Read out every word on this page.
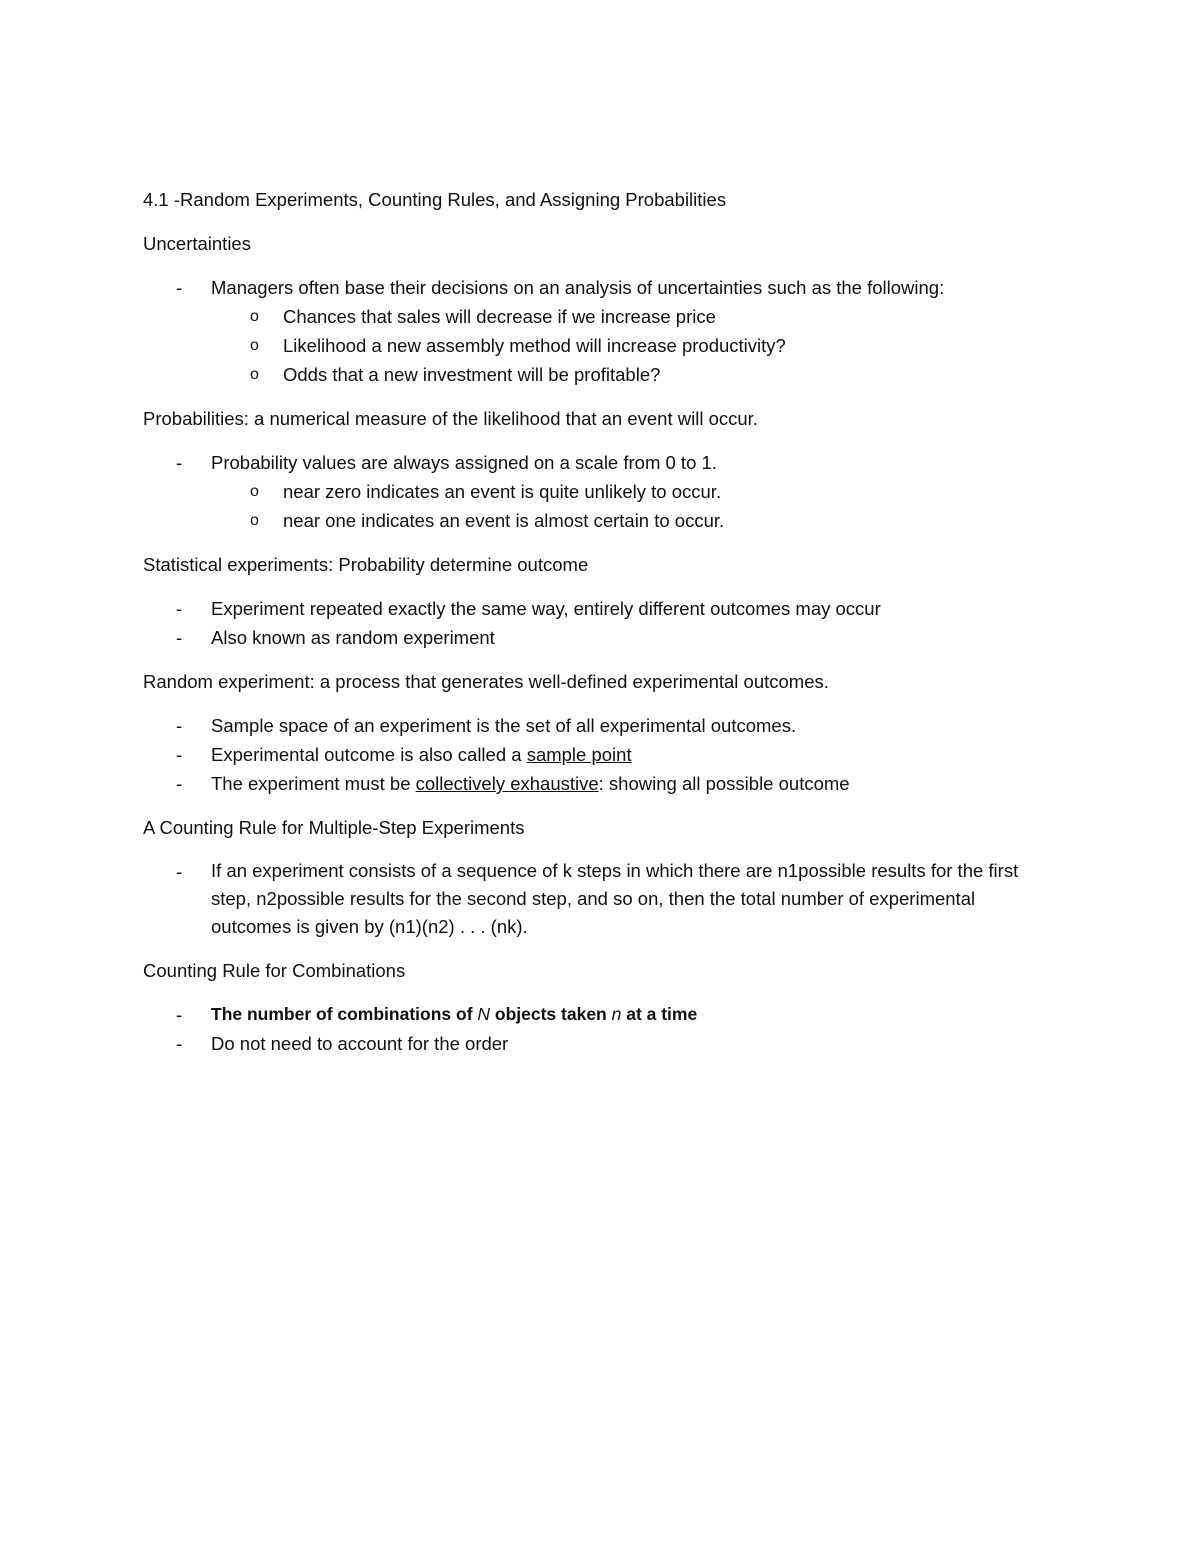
4.1 -Random Experiments, Counting Rules, and Assigning Probabilities
Uncertainties
- Managers often base their decisions on an analysis of uncertainties such as the following:
o Chances that sales will decrease if we increase price
o Likelihood a new assembly method will increase productivity?
o Odds that a new investment will be profitable?
Probabilities: a numerical measure of the likelihood that an event will occur.
- Probability values are always assigned on a scale from 0 to 1.
o near zero indicates an event is quite unlikely to occur.
o near one indicates an event is almost certain to occur.
Statistical experiments: Probability determine outcome
- Experiment repeated exactly the same way, entirely different outcomes may occur
- Also known as random experiment
Random experiment: a process that generates well-defined experimental outcomes.
- Sample space of an experiment is the set of all experimental outcomes.
- Experimental outcome is also called a sample point
- The experiment must be collectively exhaustive: showing all possible outcome
A Counting Rule for Multiple-Step Experiments
- If an experiment consists of a sequence of k steps in which there are n1possible results for the first step, n2possible results for the second step, and so on, then the total number of experimental outcomes is given by (n1)(n2) . . . (nk).
Counting Rule for Combinations
- The number of combinations of N objects taken n at a time
- Do not need to account for the order
